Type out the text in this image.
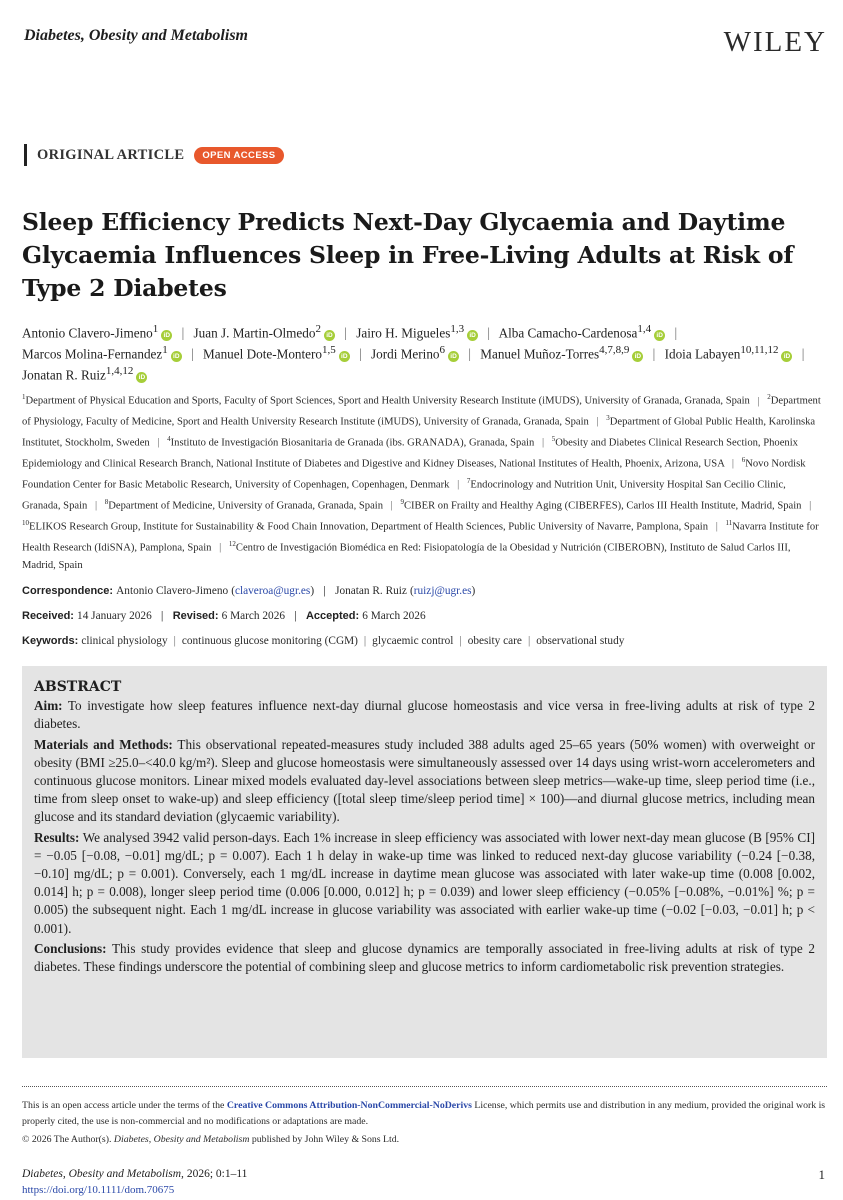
Diabetes, Obesity and Metabolism	WILEY
ORIGINAL ARTICLE	OPEN ACCESS
Sleep Efficiency Predicts Next-Day Glycaemia and Daytime Glycaemia Influences Sleep in Free-Living Adults at Risk of Type 2 Diabetes
Antonio Clavero-Jimeno$^1$iD | Juan J. Martin-Olmedo$^2$iD | Jairo H. Migueles$^{1,3}$iD | Alba Camacho-Cardenosa$^{1,4}$iD | Marcos Molina-Fernandez$^1$iD | Manuel Dote-Montero$^{1,5}$iD | Jordi Merino$^6$iD | Manuel Muñoz-Torres$^{4,7,8,9}$iD | Idoia Labayen$^{10,11,12}$iD | Jonatan R. Ruiz$^{1,4,12}$iD
$^1$Department of Physical Education and Sports, Faculty of Sport Sciences, Sport and Health University Research Institute (iMUDS), University of Granada, Granada, Spain | $^2$Department of Physiology, Faculty of Medicine, Sport and Health University Research Institute (iMUDS), University of Granada, Granada, Spain | $^3$Department of Global Public Health, Karolinska Institutet, Stockholm, Sweden | $^4$Instituto de Investigación Biosanitaria de Granada (ibs. GRANADA), Granada, Spain | $^5$Obesity and Diabetes Clinical Research Section, Phoenix Epidemiology and Clinical Research Branch, National Institute of Diabetes and Digestive and Kidney Diseases, National Institutes of Health, Phoenix, Arizona, USA | $^6$Novo Nordisk Foundation Center for Basic Metabolic Research, University of Copenhagen, Copenhagen, Denmark | $^7$Endocrinology and Nutrition Unit, University Hospital San Cecilio Clinic, Granada, Spain | $^8$Department of Medicine, University of Granada, Granada, Spain | $^9$CIBER on Frailty and Healthy Aging (CIBERFES), Carlos III Health Institute, Madrid, Spain | $^{10}$ELIKOS Research Group, Institute for Sustainability & Food Chain Innovation, Department of Health Sciences, Public University of Navarre, Pamplona, Spain | $^{11}$Navarra Institute for Health Research (IdiSNA), Pamplona, Spain | $^{12}$Centro de Investigación Biomédica en Red: Fisiopatología de la Obesidad y Nutrición (CIBEROBN), Instituto de Salud Carlos III, Madrid, Spain
Correspondence: Antonio Clavero-Jimeno (claveroa@ugr.es) | Jonatan R. Ruiz (ruizj@ugr.es)
Received: 14 January 2026 | Revised: 6 March 2026 | Accepted: 6 March 2026
Keywords: clinical physiology | continuous glucose monitoring (CGM) | glycaemic control | obesity care | observational study
ABSTRACT

Aim: To investigate how sleep features influence next-day diurnal glucose homeostasis and vice versa in free-living adults at risk of type 2 diabetes.

Materials and Methods: This observational repeated-measures study included 388 adults aged 25–65 years (50% women) with overweight or obesity (BMI ≥25.0–<40.0 kg/m²). Sleep and glucose homeostasis were simultaneously assessed over 14 days using wrist-worn accelerometers and continuous glucose monitors. Linear mixed models evaluated day-level associations between sleep metrics—wake-up time, sleep period time (i.e., time from sleep onset to wake-up) and sleep efficiency ([total sleep time/sleep period time] × 100)—and diurnal glucose metrics, including mean glucose and its standard deviation (glycaemic variability).

Results: We analysed 3942 valid person-days. Each 1% increase in sleep efficiency was associated with lower next-day mean glucose (B [95% CI] = −0.05 [−0.08, −0.01] mg/dL; p = 0.007). Each 1 h delay in wake-up time was linked to reduced next-day glucose variability (−0.24 [−0.38, −0.10] mg/dL; p = 0.001). Conversely, each 1 mg/dL increase in daytime mean glucose was associated with later wake-up time (0.008 [0.002, 0.014] h; p = 0.008), longer sleep period time (0.006 [0.000, 0.012] h; p = 0.039) and lower sleep efficiency (−0.05% [−0.08%, −0.01%] %; p = 0.005) the subsequent night. Each 1 mg/dL increase in glucose variability was associated with earlier wake-up time (−0.02 [−0.03, −0.01] h; p < 0.001).

Conclusions: This study provides evidence that sleep and glucose dynamics are temporally associated in free-living adults at risk of type 2 diabetes. These findings underscore the potential of combining sleep and glucose metrics to inform cardiometabolic risk prevention strategies.

This is an open access article under the terms of the Creative Commons Attribution-NonCommercial-NoDerivs License, which permits use and distribution in any medium, provided the original work is properly cited, the use is non-commercial and no modifications or adaptations are made.
© 2026 The Author(s). Diabetes, Obesity and Metabolism published by John Wiley & Sons Ltd.
Diabetes, Obesity and Metabolism, 2026; 0:1–11
https://doi.org/10.1111/dom.70675
1
